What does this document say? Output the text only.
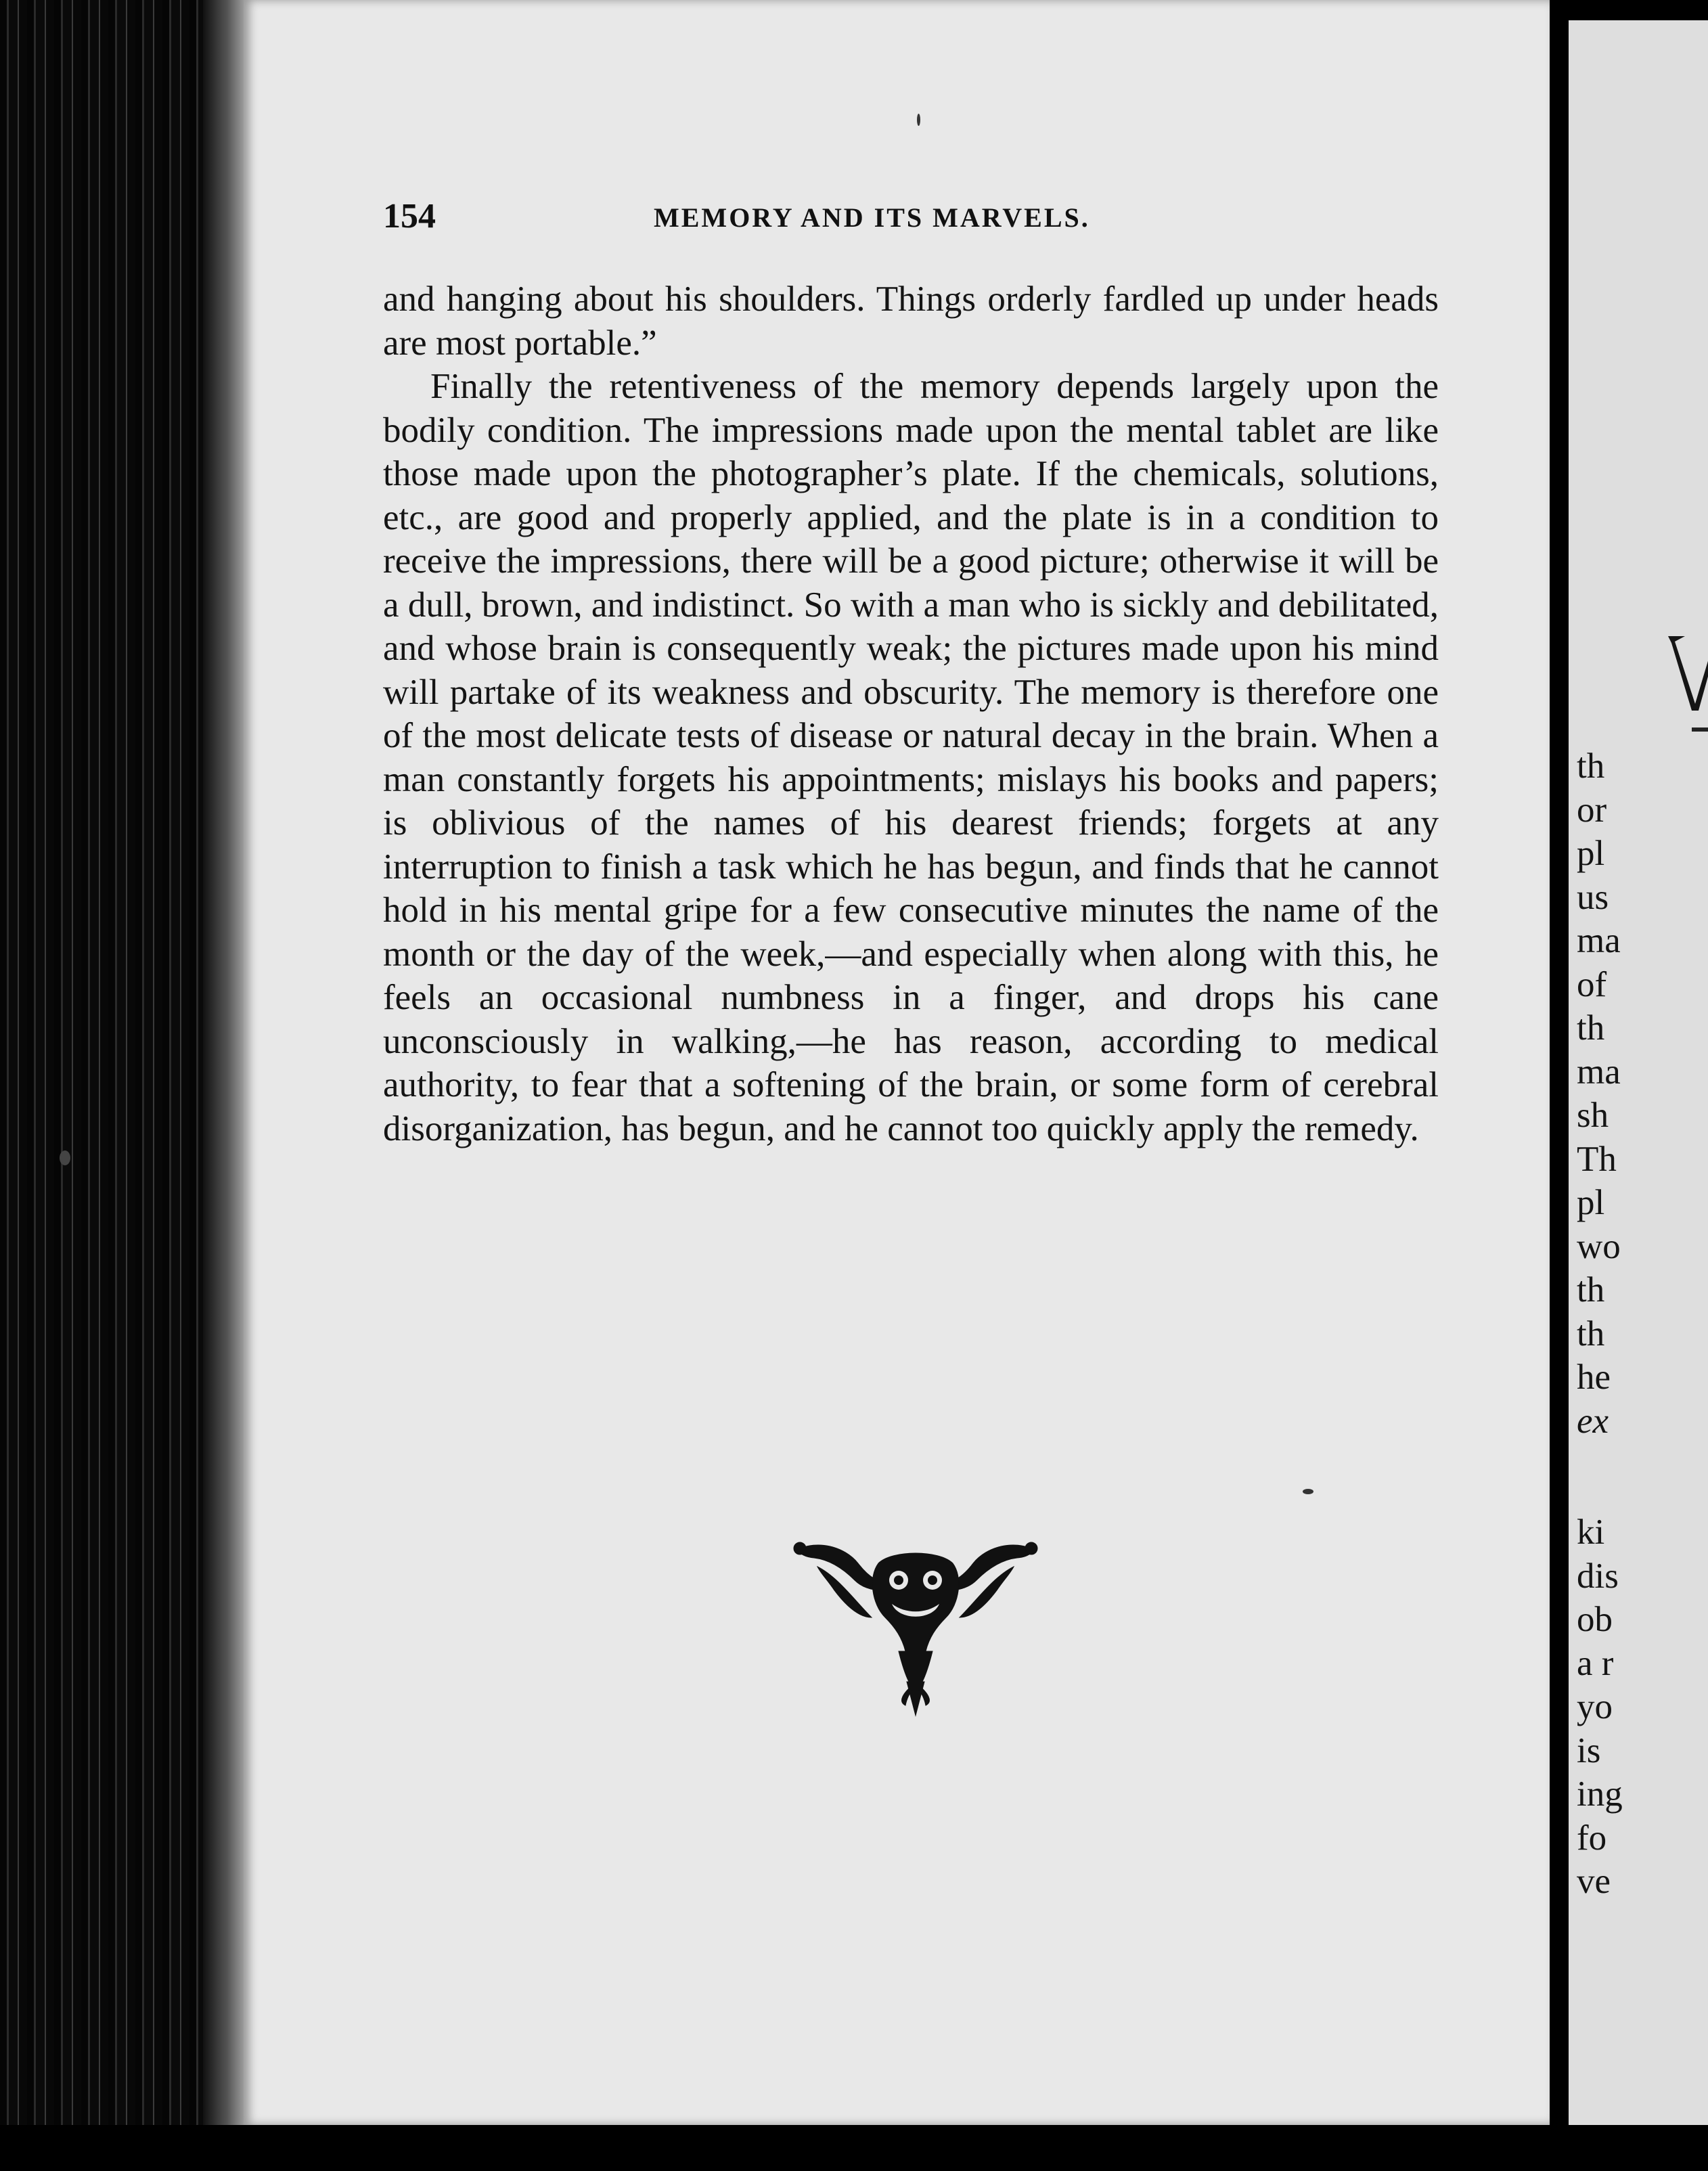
154	MEMORY AND ITS MARVELS.

and hanging about his shoulders. Things orderly fardled up under heads are most portable.”

Finally the retentiveness of the memory depends largely upon the bodily condition. The impressions made upon the mental tablet are like those made upon the photographer’s plate. If the chemicals, solutions, etc., are good and properly applied, and the plate is in a condition to receive the impressions, there will be a good picture; otherwise it will be a dull, brown, and indistinct. So with a man who is sickly and debilitated, and whose brain is consequently weak; the pictures made upon his mind will partake of its weakness and obscurity. The memory is therefore one of the most delicate tests of disease or natural decay in the brain. When a man constantly forgets his appointments; mislays his books and papers; is oblivious of the names of his dearest friends; forgets at any interruption to finish a task which he has begun, and finds that he cannot hold in his mental gripe for a few consecutive minutes the name of the month or the day of the week,—and especially when along with this, he feels an occasional numbness in a finger, and drops his cane unconsciously in walking,—he has reason, according to medical authority, to fear that a softening of the brain, or some form of cerebral disorganization, has begun, and he cannot too quickly apply the remedy.

th
or
pl
us
ma
of
th
ma
sh
Th
pl
wo
th
th
he
ex
ki
dis
ob
a r
yo
is
ing
fo
ve
